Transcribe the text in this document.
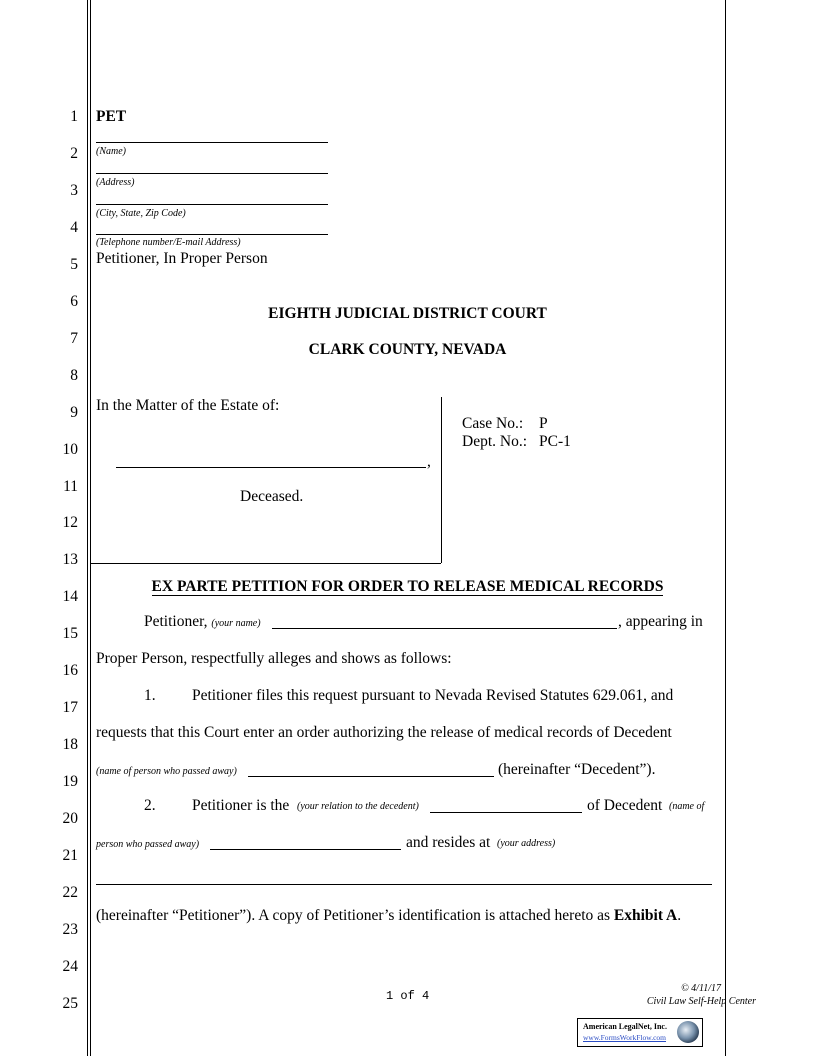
1
2
3
4
5
6
7
8
9
10
11
12
13
14
15
16
17
18
19
20
21
22
23
24
25
PET
(Name)
(Address)
(City, State, Zip Code)
(Telephone number/E-mail Address)
Petitioner, In Proper Person
EIGHTH JUDICIAL DISTRICT COURT
CLARK COUNTY, NEVADA
In the Matter of the Estate of:
,
Deceased.
Case No.: P
Dept. No.: PC-1
EX PARTE PETITION FOR ORDER TO RELEASE MEDICAL RECORDS
Petitioner, (your name)	, appearing in
Proper Person, respectfully alleges and shows as follows:
1. Petitioner files this request pursuant to Nevada Revised Statutes 629.061, and
requests that this Court enter an order authorizing the release of medical records of Decedent
(name of person who passed away)	(hereinafter “Decedent”).
2. Petitioner is the (your relation to the decedent)	of Decedent (name of
person who passed away)	and resides at (your address)
(hereinafter “Petitioner”). A copy of Petitioner’s identification is attached hereto as Exhibit A.
1 of 4
© 4/11/17
Civil Law Self-Help Center
American LegalNet, Inc.
www.FormsWorkFlow.com
